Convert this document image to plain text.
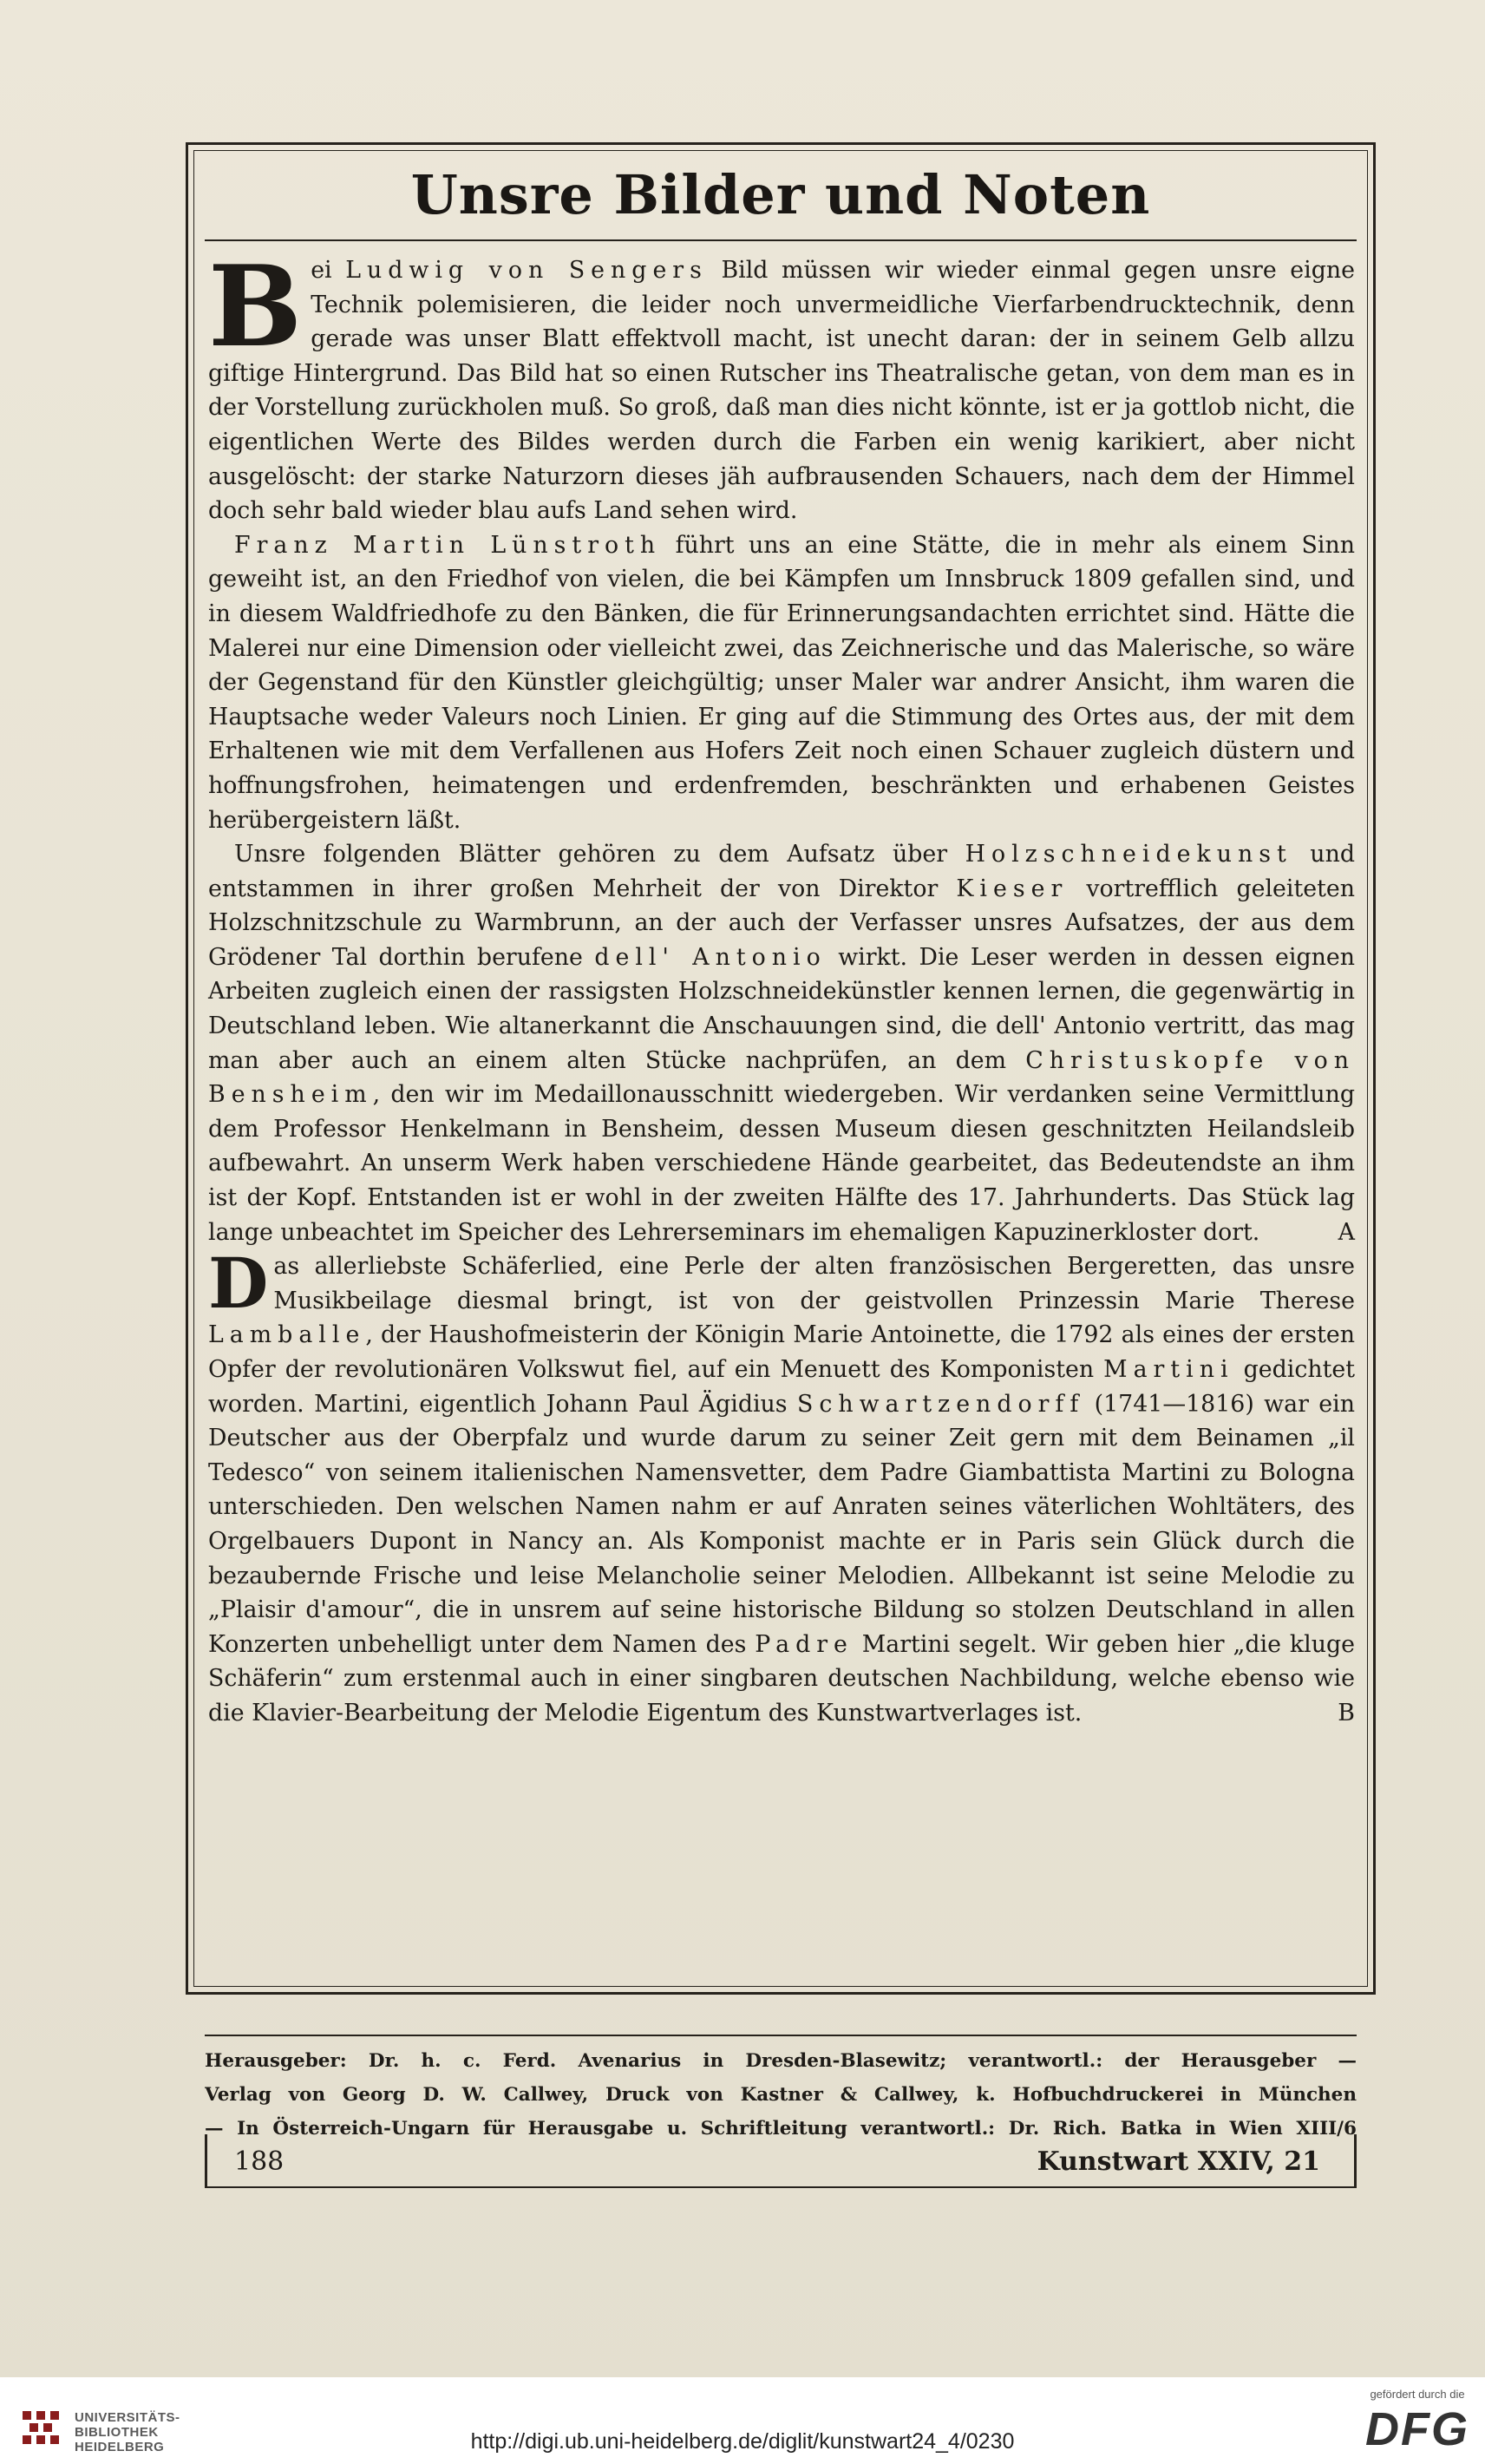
Unsre Bilder und Noten

Bei Ludwig von Sengers Bild müssen wir wieder einmal gegen unsre eigne Technik polemisieren, die leider noch unvermeidliche Vierfarbendrucktechnik, denn gerade was unser Blatt effektvoll macht, ist unecht daran: der in seinem Gelb allzu giftige Hintergrund. Das Bild hat so einen Rutscher ins Theatralische getan, von dem man es in der Vorstellung zurückholen muß. So groß, daß man dies nicht könnte, ist er ja gottlob nicht, die eigentlichen Werte des Bildes werden durch die Farben ein wenig karikiert, aber nicht ausgelöscht: der starke Naturzorn dieses jäh aufbrausenden Schauers, nach dem der Himmel doch sehr bald wieder blau aufs Land sehen wird.

Franz Martin Lünstroth führt uns an eine Stätte, die in mehr als einem Sinn geweiht ist, an den Friedhof von vielen, die bei Kämpfen um Innsbruck 1809 gefallen sind, und in diesem Waldfriedhofe zu den Bänken, die für Erinnerungsandachten errichtet sind. Hätte die Malerei nur eine Dimension oder vielleicht zwei, das Zeichnerische und das Malerische, so wäre der Gegenstand für den Künstler gleichgültig; unser Maler war andrer Ansicht, ihm waren die Hauptsache weder Valeurs noch Linien. Er ging auf die Stimmung des Ortes aus, der mit dem Erhaltenen wie mit dem Verfallenen aus Hofers Zeit noch einen Schauer zugleich düstern und hoffnungsfrohen, heimatengen und erdenfremden, beschränkten und erhabenen Geistes herübergeistern läßt.

Unsre folgenden Blätter gehören zu dem Aufsatz über Holzschneidekunst und entstammen in ihrer großen Mehrheit der von Direktor Kieser vortrefflich geleiteten Holzschnitzschule zu Warmbrunn, an der auch der Verfasser unsres Aufsatzes, der aus dem Grödener Tal dorthin berufene dell' Antonio wirkt. Die Leser werden in dessen eignen Arbeiten zugleich einen der rassigsten Holzschneidekünstler kennen lernen, die gegenwärtig in Deutschland leben. Wie altanerkannt die Anschauungen sind, die dell' Antonio vertritt, das mag man aber auch an einem alten Stücke nachprüfen, an dem Christuskopfe von Bensheim, den wir im Medaillonausschnitt wiedergeben. Wir verdanken seine Vermittlung dem Professor Henkelmann in Bensheim, dessen Museum diesen geschnitzten Heilandsleib aufbewahrt. An unserm Werk haben verschiedene Hände gearbeitet, das Bedeutendste an ihm ist der Kopf. Entstanden ist er wohl in der zweiten Hälfte des 17. Jahrhunderts. Das Stück lag lange unbeachtet im Speicher des Lehrerseminars im ehemaligen Kapuzinerkloster dort.	A

Das allerliebste Schäferlied, eine Perle der alten französischen Bergeretten, das unsre Musikbeilage diesmal bringt, ist von der geistvollen Prinzessin Marie Therese Lamballe, der Haushofmeisterin der Königin Marie Antoinette, die 1792 als eines der ersten Opfer der revolutionären Volkswut fiel, auf ein Menuett des Komponisten Martini gedichtet worden. Martini, eigentlich Johann Paul Ägidius Schwartzendorff (1741—1816) war ein Deutscher aus der Oberpfalz und wurde darum zu seiner Zeit gern mit dem Beinamen „il Tedesco“ von seinem italienischen Namensvetter, dem Padre Giambattista Martini zu Bologna unterschieden. Den welschen Namen nahm er auf Anraten seines väterlichen Wohltäters, des Orgelbauers Dupont in Nancy an. Als Komponist machte er in Paris sein Glück durch die bezaubernde Frische und leise Melancholie seiner Melodien. Allbekannt ist seine Melodie zu „Plaisir d'amour“, die in unsrem auf seine historische Bildung so stolzen Deutschland in allen Konzerten unbehelligt unter dem Namen des Padre Martini segelt. Wir geben hier „die kluge Schäferin“ zum erstenmal auch in einer singbaren deutschen Nachbildung, welche ebenso wie die Klavier-Bearbeitung der Melodie Eigentum des Kunstwartverlages ist.	B

Herausgeber: Dr. h. c. Ferd. Avenarius in Dresden-Blasewitz; verantwortl.: der Herausgeber —
Verlag von Georg D. W. Callwey, Druck von Kastner & Callwey, k. Hofbuchdruckerei in München
— In Österreich-Ungarn für Herausgabe u. Schriftleitung verantwortl.: Dr. Rich. Batka in Wien XIII/6
188	Kunstwart XXIV, 21
UNIVERSITÄTS-
BIBLIOTHEK
HEIDELBERG	http://digi.ub.uni-heidelberg.de/diglit/kunstwart24_4/0230
gefördert durch die
DFG
